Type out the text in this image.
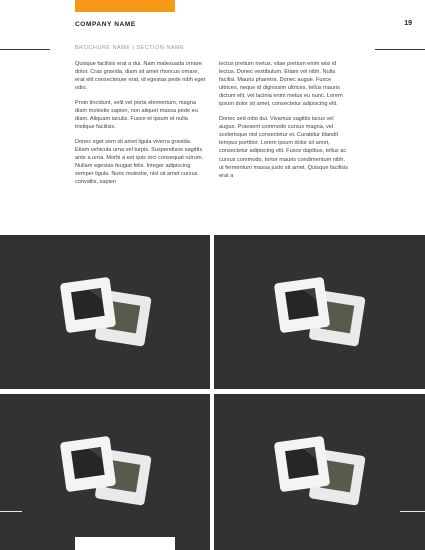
COMPANY NAME	19
BROCHURE NAME | SECTION NAME

Quisque facilisis erat a dui. Nam malesuada ornare dolor. Cras gravida, diam sit amet rhoncus ornare, erat elit consectetuer erat, id egestas pede nibh eget odio.

Proin tincidunt, velit vel porta elementum, magna diam molestie sapien, non aliquet massa pede eu diam. Aliquam iaculis. Fusce et ipsum et nulla tristique facilisis.

Donec eget sem sit amet ligula viverra gravida. Etiam vehicula urna vel turpis. Suspendisse sagittis ante a urna. Morbi a est quis orci consequat rutrum. Nullam egestas feugiat felis. Integer adipiscing semper ligula. Nunc molestie, nisl sit amet cursus convallis, sapien

lectus pretium metus, vitae pretium enim wisi id lectus. Donec vestibulum. Etiam vel nibh. Nulla facilisi. Mauris pharetra. Donec augue. Fusce ultrices, neque id dignissim ultrices, tellus mauris dictum elit, vel lacinia enim metus eu nunc. Lorem ipsum dolor sit amet, consectetur adipiscing elit.

Donec sed odio dui. Vivamus sagittis lacus vel augue. Praesent commodo cursus magna, vel scelerisque nisl consectetur et. Curabitur blandit tempus porttitor. Lorem ipsum dolor sit amet, consectetur adipiscing elit. Fusce dapibus, tellus ac cursus commodo, tortor mauris condimentum nibh, ut fermentum massa justo sit amet. Quisque facilisis erat a
